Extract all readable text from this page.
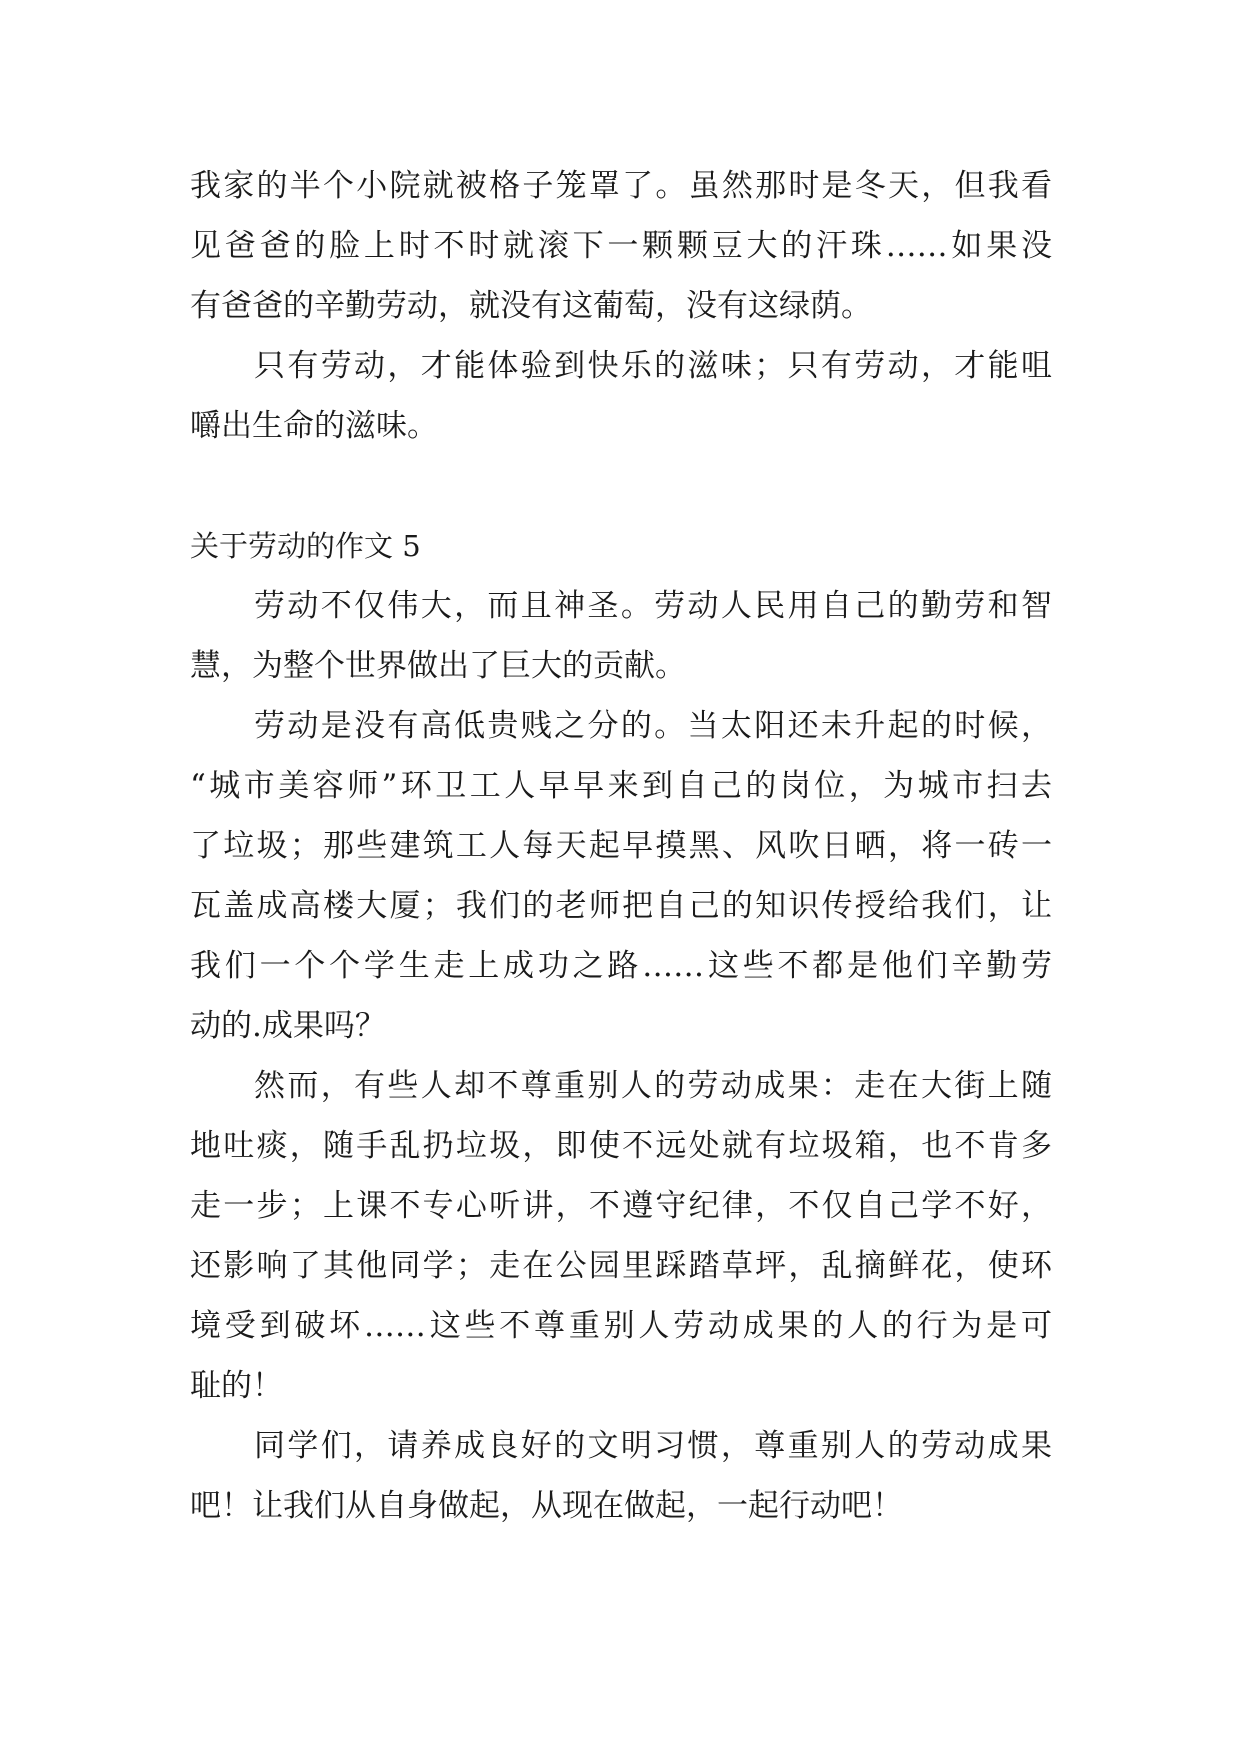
我家的半个小院就被格子笼罩了。虽然那时是冬天，但我看
见爸爸的脸上时不时就滚下一颗颗豆大的汗珠……如果没
有爸爸的辛勤劳动，就没有这葡萄，没有这绿荫。
只有劳动，才能体验到快乐的滋味；只有劳动，才能咀
嚼出生命的滋味。
关于劳动的作文 5
劳动不仅伟大，而且神圣。劳动人民用自己的勤劳和智
慧，为整个世界做出了巨大的贡献。
劳动是没有高低贵贱之分的。当太阳还未升起的时候，
“城市美容师”环卫工人早早来到自己的岗位，为城市扫去
了垃圾；那些建筑工人每天起早摸黑、风吹日晒，将一砖一
瓦盖成高楼大厦；我们的老师把自己的知识传授给我们，让
我们一个个学生走上成功之路……这些不都是他们辛勤劳
动的.成果吗？
然而，有些人却不尊重别人的劳动成果：走在大街上随
地吐痰，随手乱扔垃圾，即使不远处就有垃圾箱，也不肯多
走一步；上课不专心听讲，不遵守纪律，不仅自己学不好，
还影响了其他同学；走在公园里踩踏草坪，乱摘鲜花，使环
境受到破坏……这些不尊重别人劳动成果的人的行为是可
耻的！
同学们，请养成良好的文明习惯，尊重别人的劳动成果
吧！让我们从自身做起，从现在做起，一起行动吧！
